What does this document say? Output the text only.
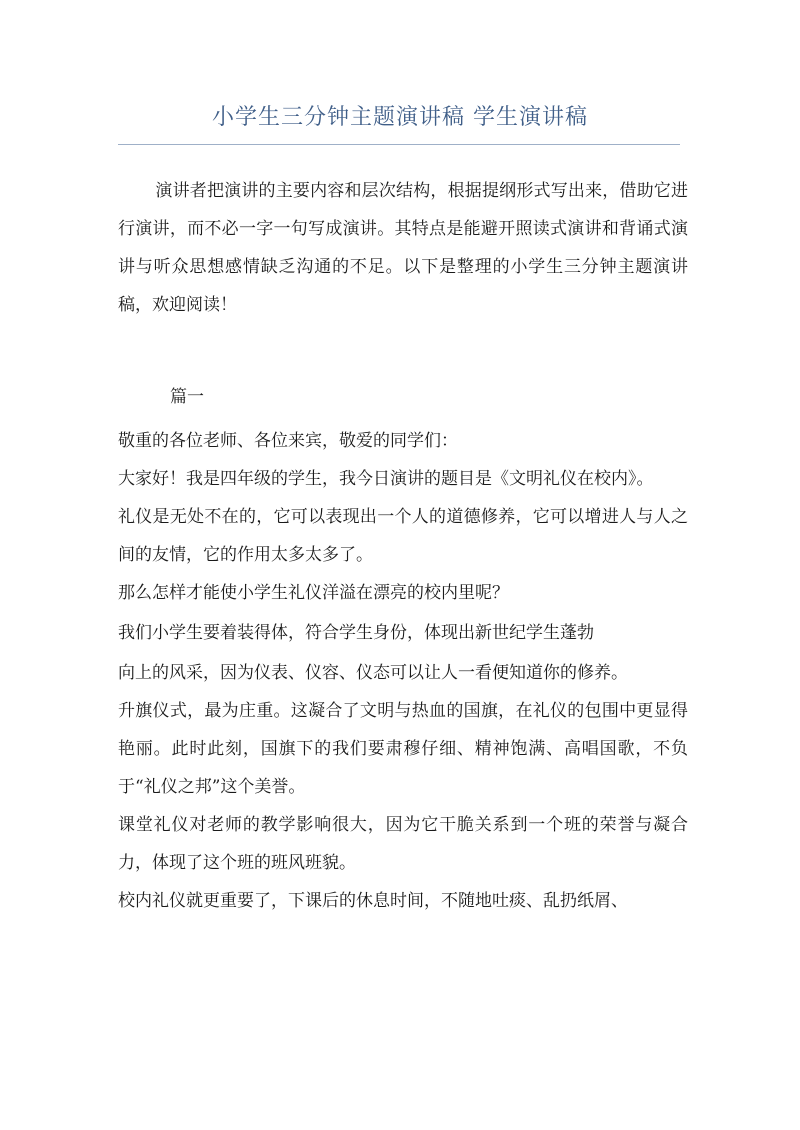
小学生三分钟主题演讲稿 学生演讲稿

演讲者把演讲的主要内容和层次结构，根据提纲形式写出来，借助它进行演讲，而不必一字一句写成演讲。其特点是能避开照读式演讲和背诵式演讲与听众思想感情缺乏沟通的不足。以下是整理的小学生三分钟主题演讲稿，欢迎阅读！

篇一

敬重的各位老师、各位来宾，敬爱的同学们：

大家好！我是四年级的学生，我今日演讲的题目是《文明礼仪在校内》。

礼仪是无处不在的，它可以表现出一个人的道德修养，它可以增进人与人之间的友情，它的作用太多太多了。

那么怎样才能使小学生礼仪洋溢在漂亮的校内里呢？

我们小学生要着装得体，符合学生身份，体现出新世纪学生蓬勃

向上的风采，因为仪表、仪容、仪态可以让人一看便知道你的修养。

升旗仪式，最为庄重。这凝合了文明与热血的国旗，在礼仪的包围中更显得艳丽。此时此刻，国旗下的我们要肃穆仔细、精神饱满、高唱国歌，不负于“礼仪之邦”这个美誉。

课堂礼仪对老师的教学影响很大，因为它干脆关系到一个班的荣誉与凝合力，体现了这个班的班风班貌。

校内礼仪就更重要了，下课后的休息时间，不随地吐痰、乱扔纸屑、
